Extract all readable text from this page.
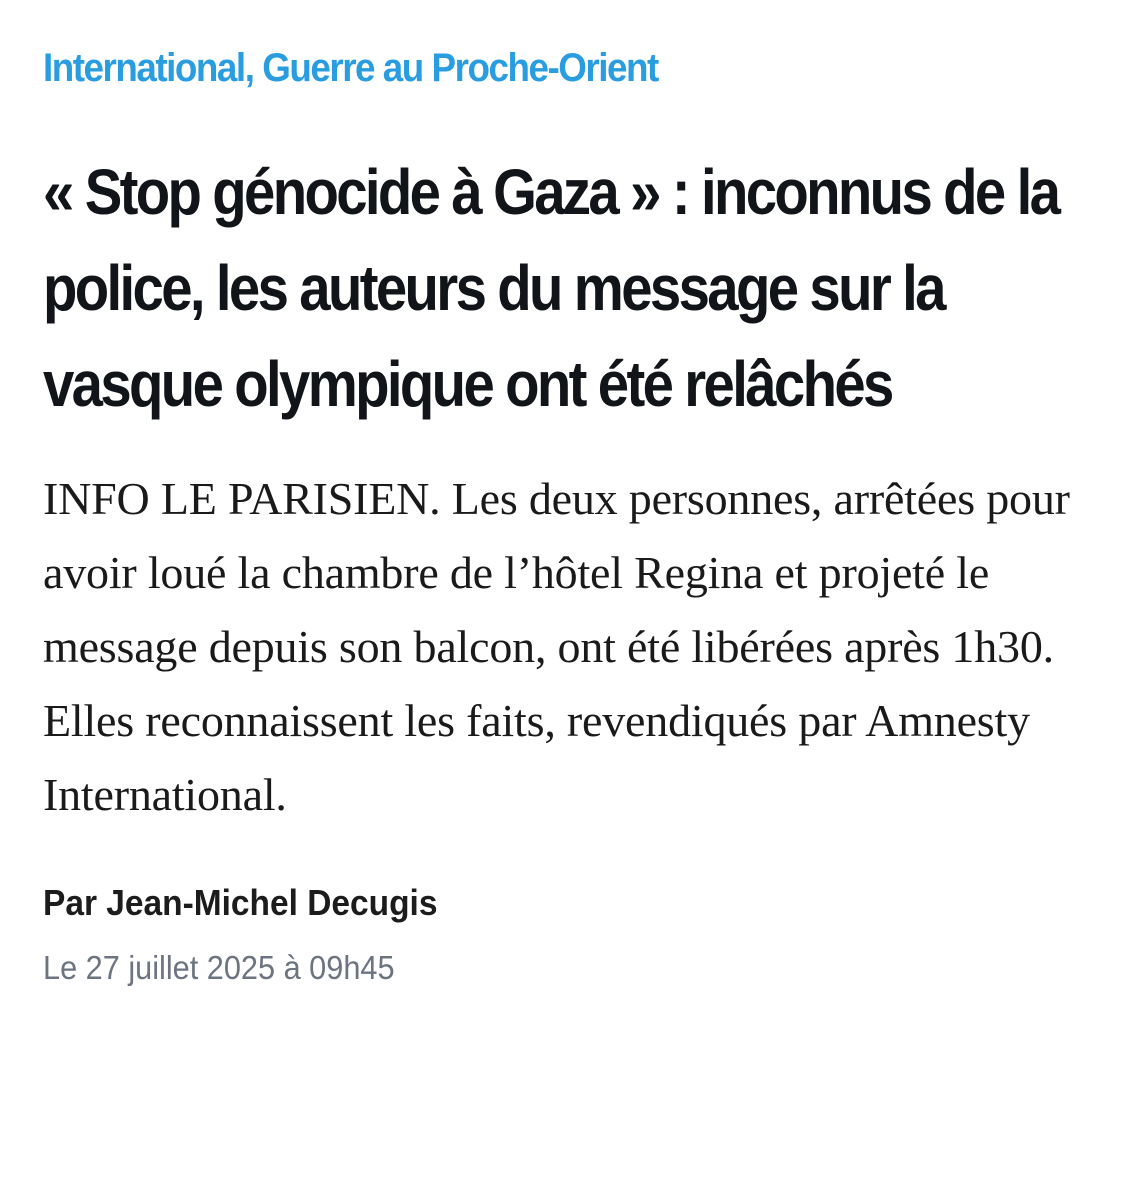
International, Guerre au Proche-Orient
« Stop génocide à Gaza » : inconnus de la police, les auteurs du message sur la vasque olympique ont été relâchés

INFO LE PARISIEN. Les deux personnes, arrêtées pour avoir loué la chambre de l’hôtel Regina et projeté le message depuis son balcon, ont été libérées après 1h30. Elles reconnaissent les faits, revendiqués par Amnesty International.

Par Jean-Michel Decugis
Le 27 juillet 2025 à 09h45
